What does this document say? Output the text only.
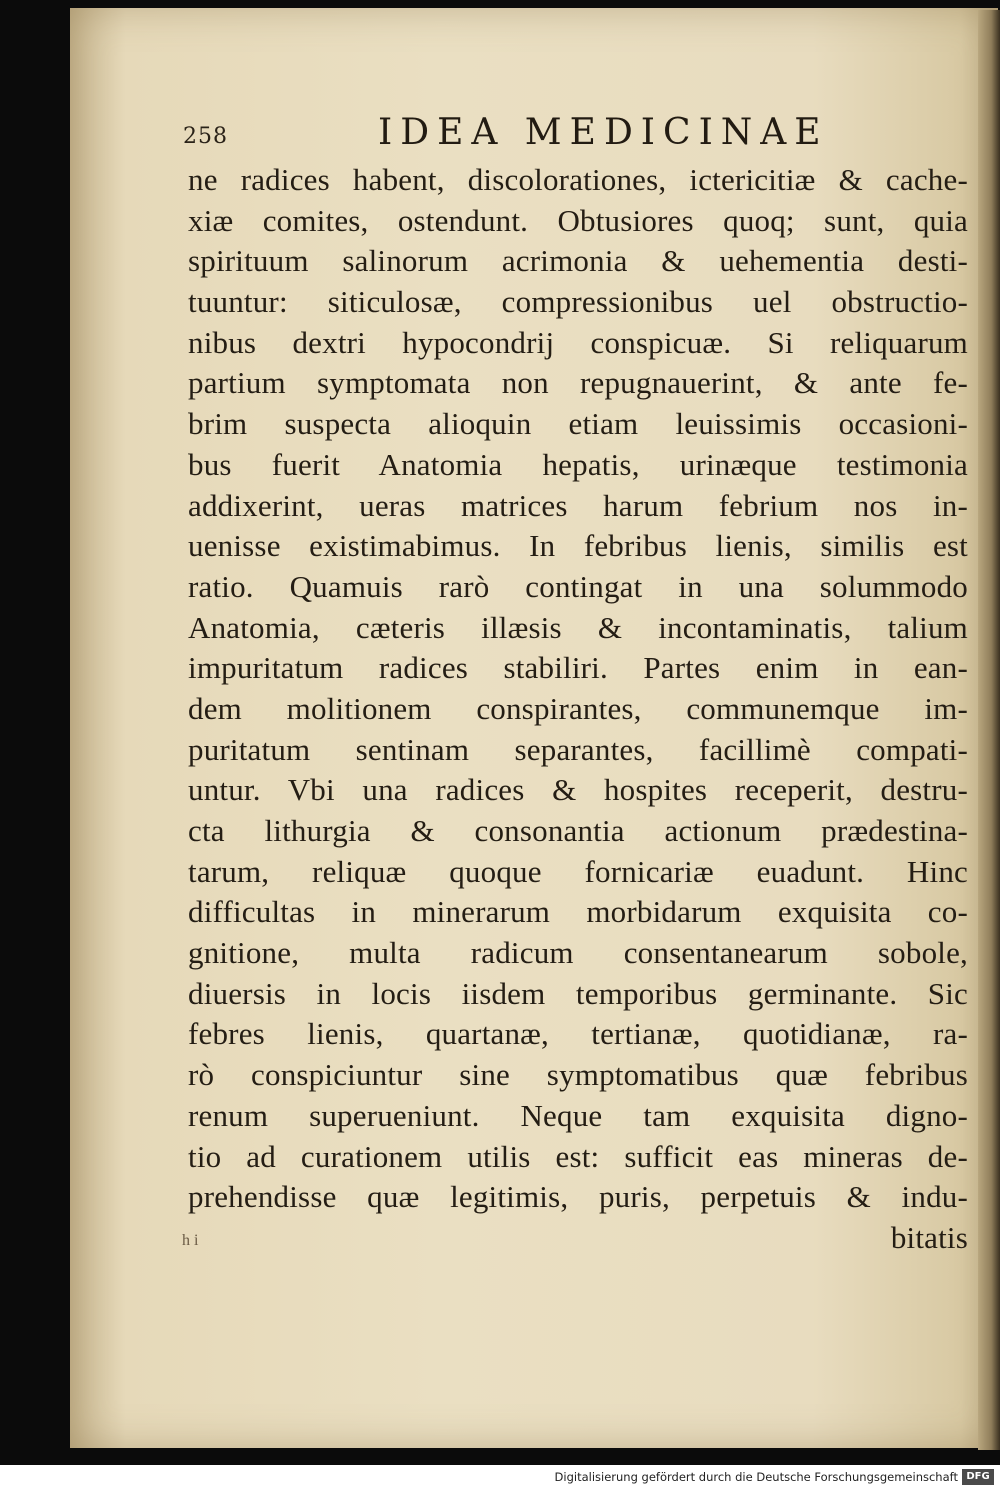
258	IDEA MEDICINAE
ne radices habent, discolorationes, ictericitiæ & cache-
xiæ comites, ostendunt. Obtusiores quoq; sunt, quia
spirituum salinorum acrimonia & uehementia desti-
tuuntur: siticulosæ, compressionibus uel obstructio-
nibus dextri hypocondrij conspicuæ. Si reliquarum
partium symptomata non repugnauerint, & ante fe-
brim suspecta alioquin etiam leuissimis occasioni-
bus fuerit Anatomia hepatis, urinæque testimonia
addixerint, ueras matrices harum febrium nos in-
uenisse existimabimus. In febribus lienis, similis est
ratio. Quamuis rarò contingat in una solummodo
Anatomia, cæteris illæsis & incontaminatis, talium
impuritatum radices stabiliri. Partes enim in ean-
dem molitionem conspirantes, communemque im-
puritatum sentinam separantes, facillimè compati-
untur. Vbi una radices & hospites receperit, destru-
cta lithurgia & consonantia actionum prædestina-
tarum, reliquæ quoque fornicariæ euadunt. Hinc
difficultas in minerarum morbidarum exquisita co-
gnitione, multa radicum consentanearum sobole,
diuersis in locis iisdem temporibus germinante. Sic
febres lienis, quartanæ, tertianæ, quotidianæ, ra-
rò conspiciuntur sine symptomatibus quæ febribus
renum superueniunt. Neque tam exquisita digno-
tio ad curationem utilis est: sufficit eas mineras de-
prehendisse quæ legitimis, puris, perpetuis & indu-
bitatis
h i
Digitalisierung gefördert durch die Deutsche Forschungsgemeinschaft DFG
